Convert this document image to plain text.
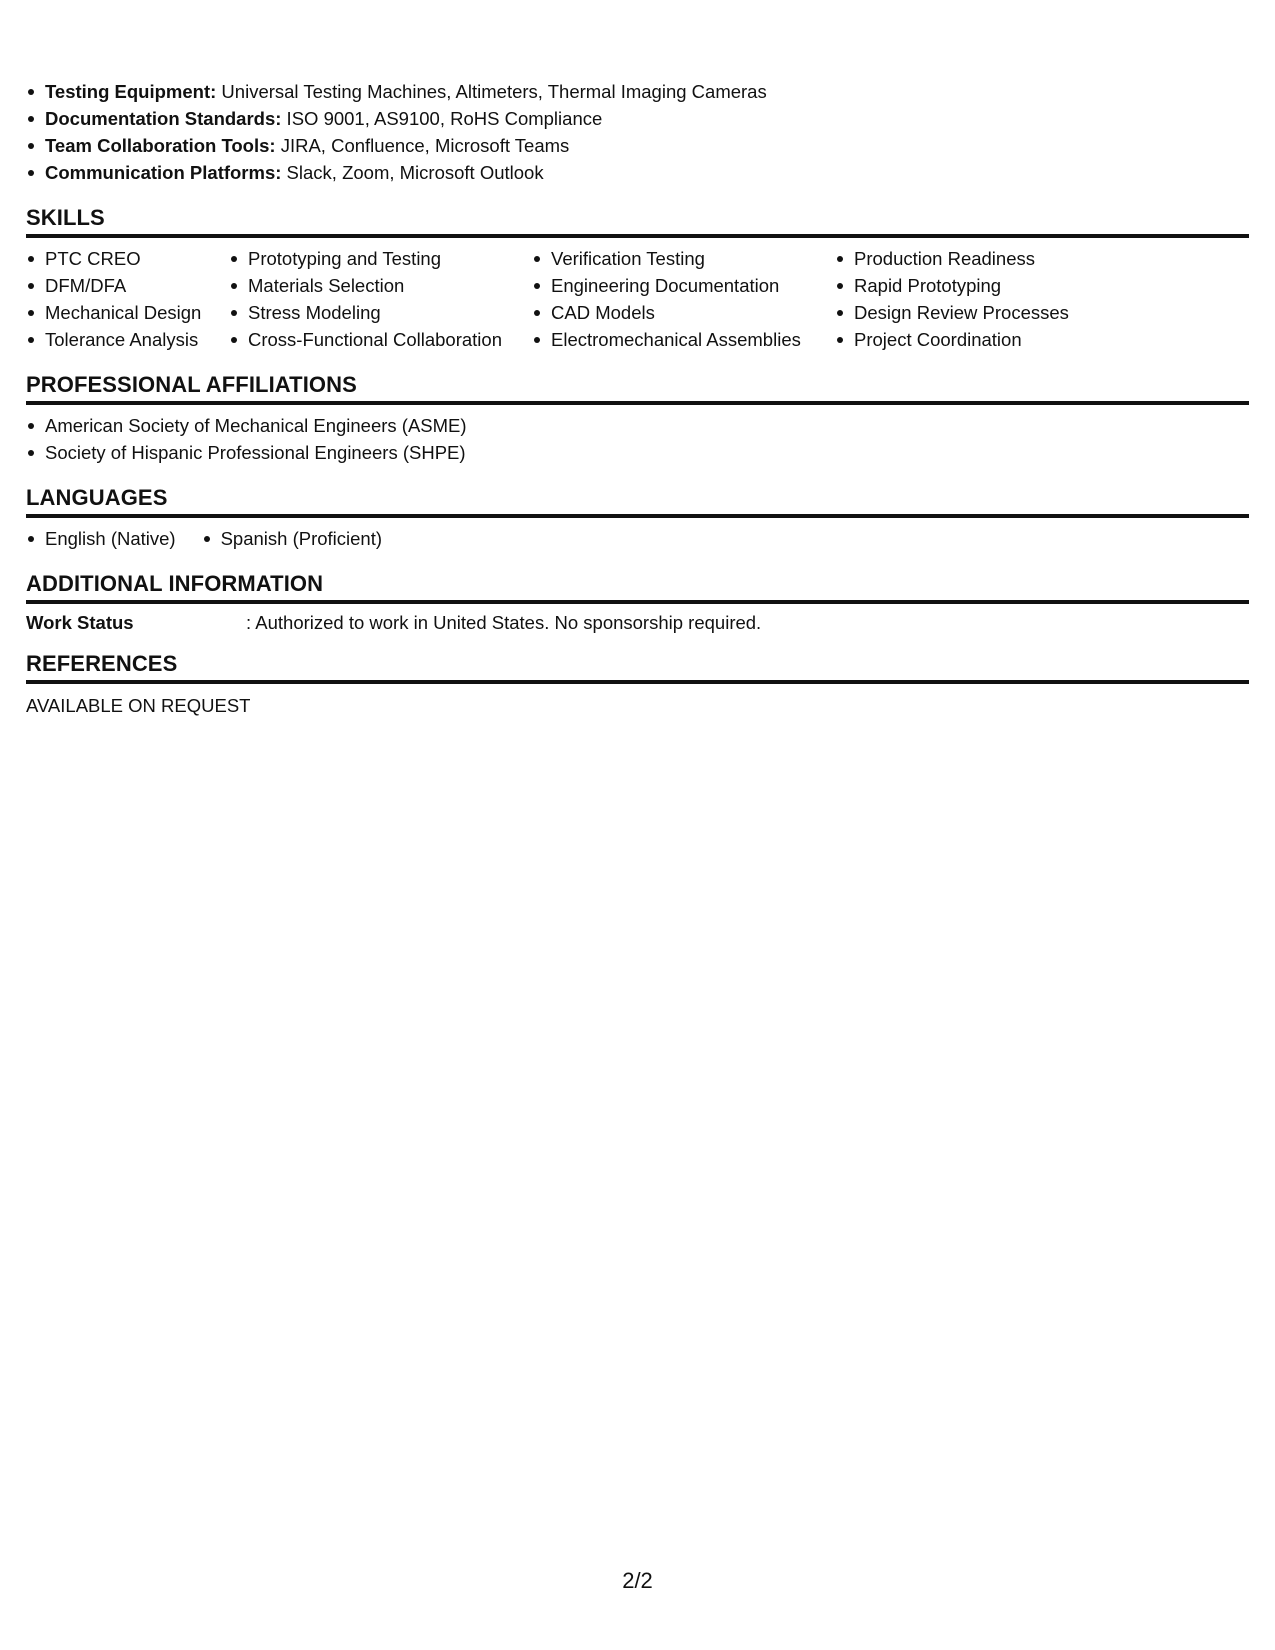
Testing Equipment: Universal Testing Machines, Altimeters, Thermal Imaging Cameras
Documentation Standards: ISO 9001, AS9100, RoHS Compliance
Team Collaboration Tools: JIRA, Confluence, Microsoft Teams
Communication Platforms: Slack, Zoom, Microsoft Outlook
SKILLS
PTC CREO
DFM/DFA
Mechanical Design
Tolerance Analysis
Prototyping and Testing
Materials Selection
Stress Modeling
Cross-Functional Collaboration
Verification Testing
Engineering Documentation
CAD Models
Electromechanical Assemblies
Production Readiness
Rapid Prototyping
Design Review Processes
Project Coordination
PROFESSIONAL AFFILIATIONS
American Society of Mechanical Engineers (ASME)
Society of Hispanic Professional Engineers (SHPE)
LANGUAGES
English (Native)	Spanish (Proficient)
ADDITIONAL INFORMATION
Work Status	: Authorized to work in United States. No sponsorship required.
REFERENCES
AVAILABLE ON REQUEST
2/2
